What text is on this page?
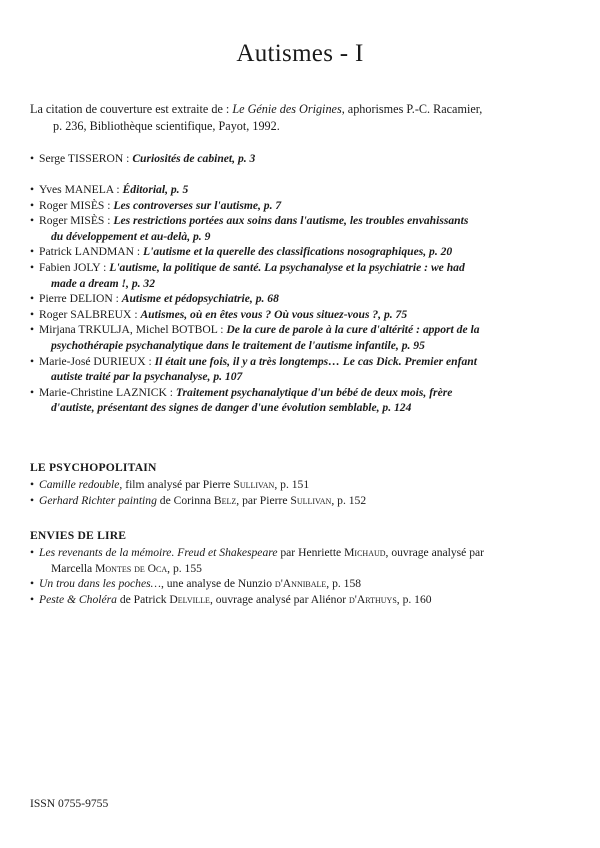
Autismes - I
La citation de couverture est extraite de : Le Génie des Origines, aphorismes P.-C. Racamier,
p. 236, Bibliothèque scientifique, Payot, 1992.
• Serge TISSERON : Curiosités de cabinet, p. 3
• Yves MANELA : Éditorial, p. 5
• Roger MISÈS : Les controverses sur l'autisme, p. 7
• Roger MISÈS : Les restrictions portées aux soins dans l'autisme, les troubles envahissants
du développement et au-delà, p. 9
• Patrick LANDMAN : L'autisme et la querelle des classifications nosographiques, p. 20
• Fabien JOLY : L'autisme, la politique de santé. La psychanalyse et la psychiatrie : we had
made a dream !, p. 32
• Pierre DELION : Autisme et pédopsychiatrie, p. 68
• Roger SALBREUX : Autismes, où en êtes vous ? Où vous situez-vous ?, p. 75
• Mirjana TRKULJA, Michel BOTBOL : De la cure de parole à la cure d'altérité : apport de la
psychothérapie psychanalytique dans le traitement de l'autisme infantile, p. 95
• Marie-José DURIEUX : Il était une fois, il y a très longtemps… Le cas Dick. Premier enfant
autiste traité par la psychanalyse, p. 107
• Marie-Christine LAZNICK : Traitement psychanalytique d'un bébé de deux mois, frère
d'autiste, présentant des signes de danger d'une évolution semblable, p. 124
LE PSYCHOPOLITAIN
• Camille redouble, film analysé par Pierre Sullivan, p. 151
• Gerhard Richter painting de Corinna Belz, par Pierre Sullivan, p. 152
ENVIES DE LIRE
• Les revenants de la mémoire. Freud et Shakespeare par Henriette Michaud, ouvrage analysé par
Marcella Montes de Oca, p. 155
• Un trou dans les poches…, une analyse de Nunzio d'Annibale, p. 158
• Peste & Choléra de Patrick Delville, ouvrage analysé par Aliénor d'Arthuys, p. 160
ISSN 0755-9755
